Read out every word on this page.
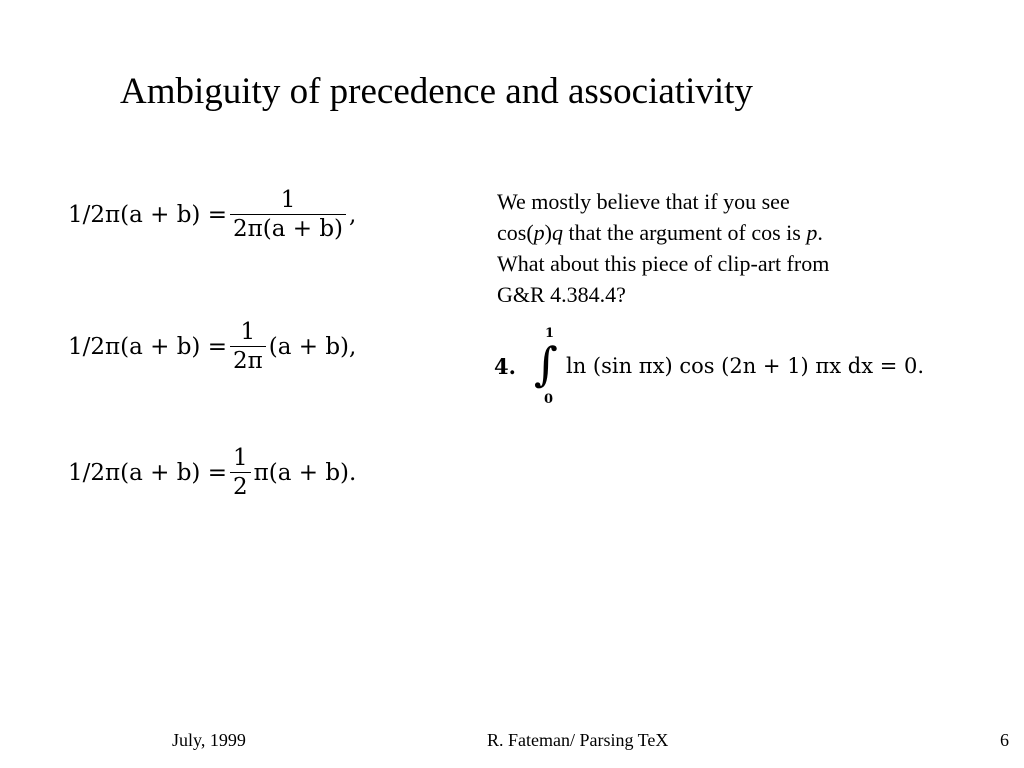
Ambiguity of precedence and associativity
$1/2\pi(a + b) = \frac{1}{2\pi(a + b)}$ ,
$1/2\pi(a + b) = \frac{1}{2\pi} (a + b)$,
$1/2\pi(a + b) = \frac{1}{2} \pi(a + b)$.
We mostly believe that if you see
cos(p)q that the argument of cos is p.
What about this piece of clip-art from
G&R 4.384.4?
4.
1
∫
0
ln (sin πx) cos (2n + 1) πx dx = 0.
July, 1999	R. Fateman/ Parsing TeX	6
